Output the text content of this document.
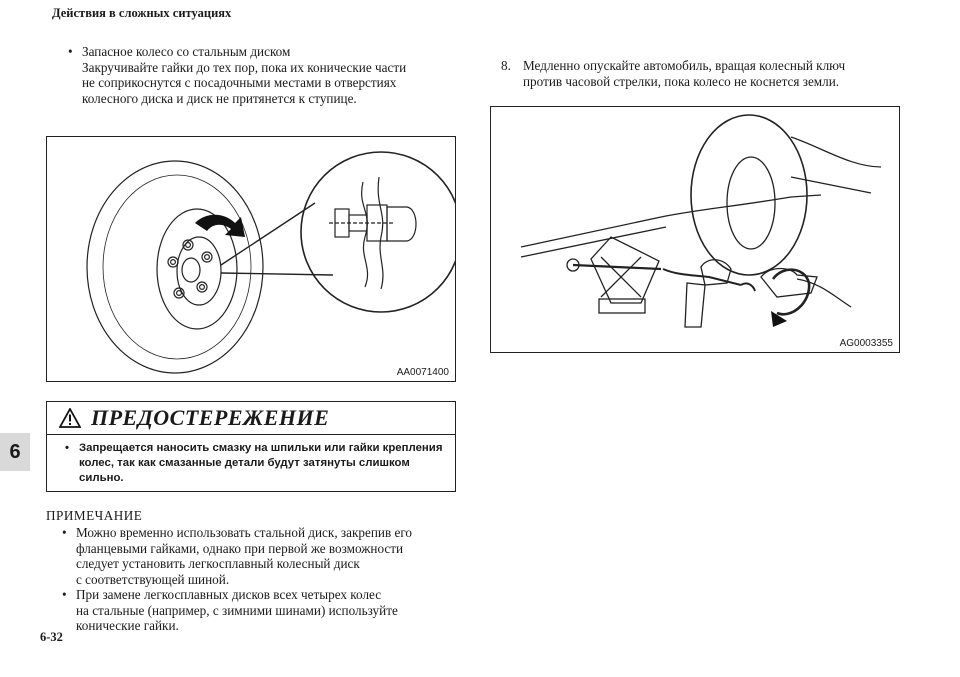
Действия в сложных ситуациях
6
• Запасное колесо со стальным диском
Закручивайте гайки до тех пор, пока их конические части
не соприкоснутся с посадочными местами в отверстиях
колесного диска и диск не притянется к ступице.
AA0071400
ПРЕДОСТЕРЕЖЕНИЕ
• Запрещается наносить смазку на шпильки или гайки крепления
колес, так как смазанные детали будут затянуты слишком
сильно.
ПРИМЕЧАНИЕ
• Можно временно использовать стальной диск, закрепив его
фланцевыми гайками, однако при первой же возможности
следует установить легкосплавный колесный диск
с соответствующей шиной.
• При замене легкосплавных дисков всех четырех колес
на стальные (например, с зимними шинами) используйте
конические гайки.
8. Медленно опускайте автомобиль, вращая колесный ключ
против часовой стрелки, пока колесо не коснется земли.
AG0003355
6-32
